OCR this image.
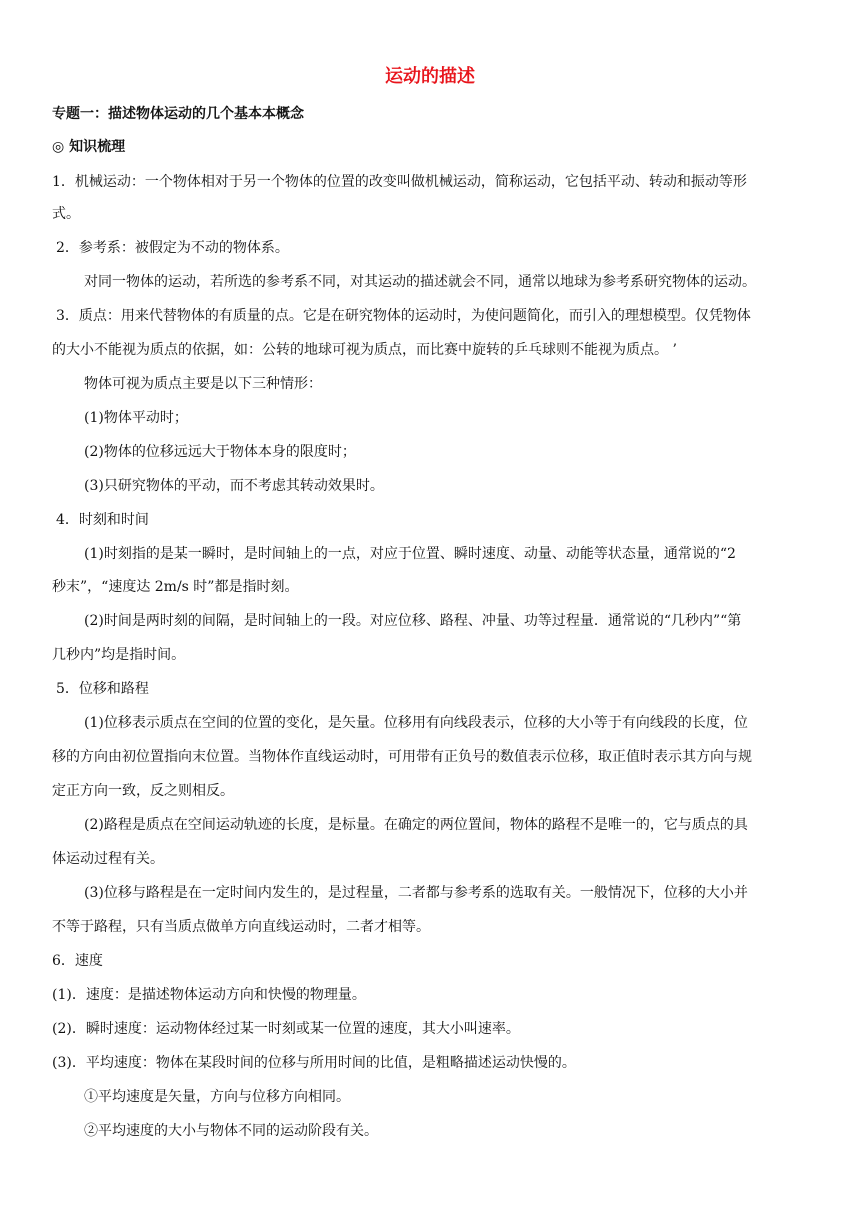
运动的描述

专题一：描述物体运动的几个基本本概念

◎ 知识梳理

1．机械运动：一个物体相对于另一个物体的位置的改变叫做机械运动，简称运动，它包括平动、转动和振动等形

式。

2．参考系：被假定为不动的物体系。

对同一物体的运动，若所选的参考系不同，对其运动的描述就会不同，通常以地球为参考系研究物体的运动。

3．质点：用来代替物体的有质量的点。它是在研究物体的运动时，为使问题简化，而引入的理想模型。仅凭物体

的大小不能视为质点的依据，如：公转的地球可视为质点，而比赛中旋转的乒乓球则不能视为质点。 ’

物体可视为质点主要是以下三种情形：

(1)物体平动时；

(2)物体的位移远远大于物体本身的限度时；

(3)只研究物体的平动，而不考虑其转动效果时。

4．时刻和时间

(1)时刻指的是某一瞬时，是时间轴上的一点，对应于位置、瞬时速度、动量、动能等状态量，通常说的“2

秒末”，“速度达 2m/s 时”都是指时刻。

(2)时间是两时刻的间隔，是时间轴上的一段。对应位移、路程、冲量、功等过程量．通常说的“几秒内”“第

几秒内”均是指时间。

5．位移和路程

(1)位移表示质点在空间的位置的变化，是矢量。位移用有向线段表示，位移的大小等于有向线段的长度，位

移的方向由初位置指向末位置。当物体作直线运动时，可用带有正负号的数值表示位移，取正值时表示其方向与规

定正方向一致，反之则相反。

(2)路程是质点在空间运动轨迹的长度，是标量。在确定的两位置间，物体的路程不是唯一的，它与质点的具

体运动过程有关。

(3)位移与路程是在一定时间内发生的，是过程量，二者都与参考系的选取有关。一般情况下，位移的大小并

不等于路程，只有当质点做单方向直线运动时，二者才相等。

6．速度

(1)．速度：是描述物体运动方向和快慢的物理量。

(2)．瞬时速度：运动物体经过某一时刻或某一位置的速度，其大小叫速率。

(3)．平均速度：物体在某段时间的位移与所用时间的比值，是粗略描述运动快慢的。

①平均速度是矢量，方向与位移方向相同。

②平均速度的大小与物体不同的运动阶段有关。
